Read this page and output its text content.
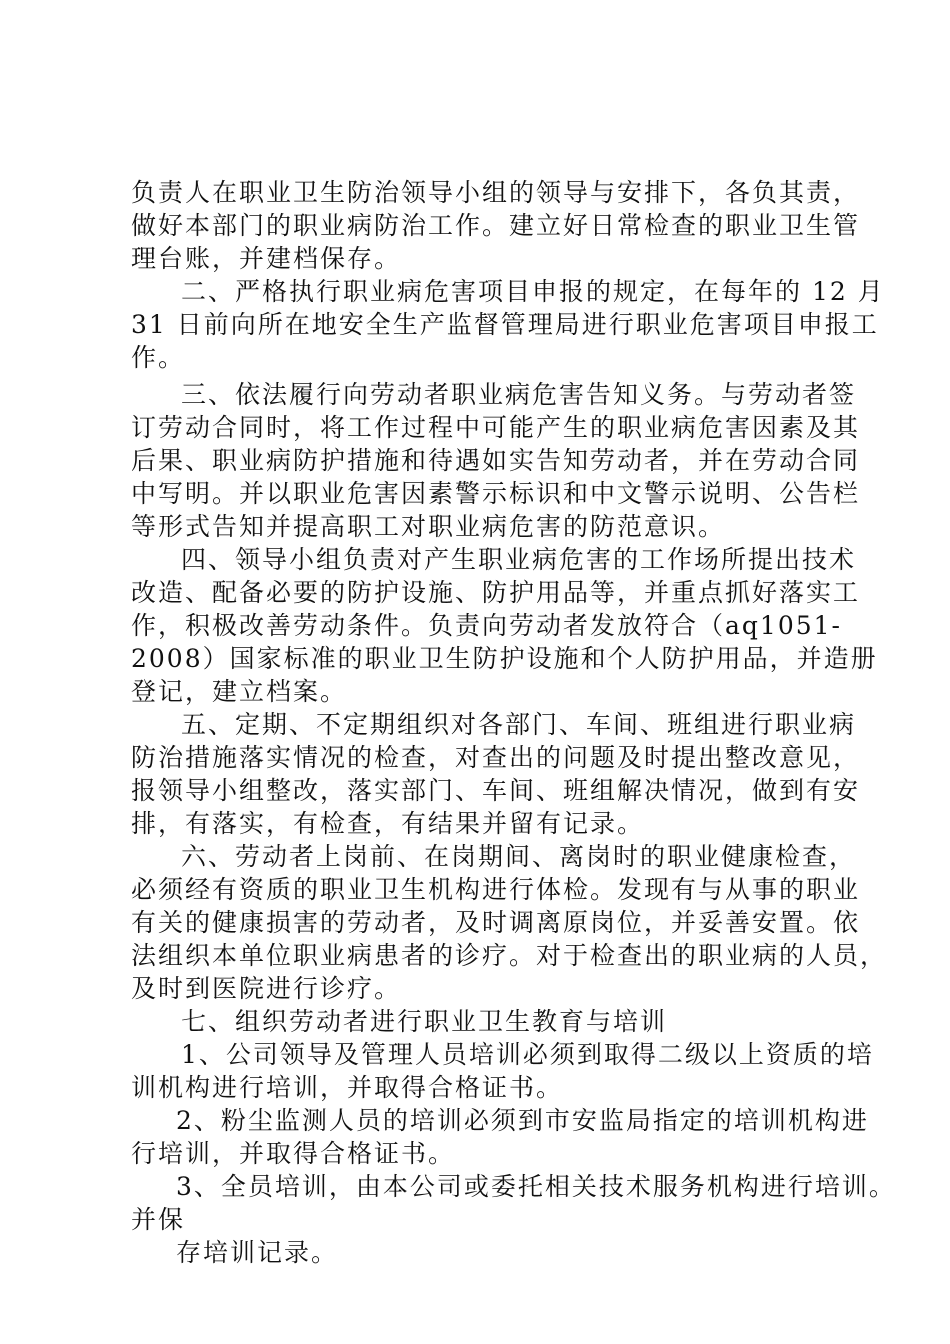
负责人在职业卫生防治领导小组的领导与安排下，各负其责，
做好本部门的职业病防治工作。建立好日常检查的职业卫生管
理台账，并建档保存。
二、严格执行职业病危害项目申报的规定，在每年的 12 月
31 日前向所在地安全生产监督管理局进行职业危害项目申报工
作。
三、依法履行向劳动者职业病危害告知义务。与劳动者签
订劳动合同时，将工作过程中可能产生的职业病危害因素及其
后果、职业病防护措施和待遇如实告知劳动者，并在劳动合同
中写明。并以职业危害因素警示标识和中文警示说明、公告栏
等形式告知并提高职工对职业病危害的防范意识。
四、领导小组负责对产生职业病危害的工作场所提出技术
改造、配备必要的防护设施、防护用品等，并重点抓好落实工
作，积极改善劳动条件。负责向劳动者发放符合（aq1051-
2008）国家标准的职业卫生防护设施和个人防护用品，并造册
登记，建立档案。
五、定期、不定期组织对各部门、车间、班组进行职业病
防治措施落实情况的检查，对查出的问题及时提出整改意见，
报领导小组整改，落实部门、车间、班组解决情况，做到有安
排，有落实，有检查，有结果并留有记录。
六、劳动者上岗前、在岗期间、离岗时的职业健康检查，
必须经有资质的职业卫生机构进行体检。发现有与从事的职业
有关的健康损害的劳动者，及时调离原岗位，并妥善安置。依
法组织本单位职业病患者的诊疗。对于检查出的职业病的人员，
及时到医院进行诊疗。
七、组织劳动者进行职业卫生教育与培训
1、公司领导及管理人员培训必须到取得二级以上资质的培
训机构进行培训，并取得合格证书。
2、粉尘监测人员的培训必须到市安监局指定的培训机构进
行培训，并取得合格证书。
3、全员培训，由本公司或委托相关技术服务机构进行培训。
并保
存培训记录。
